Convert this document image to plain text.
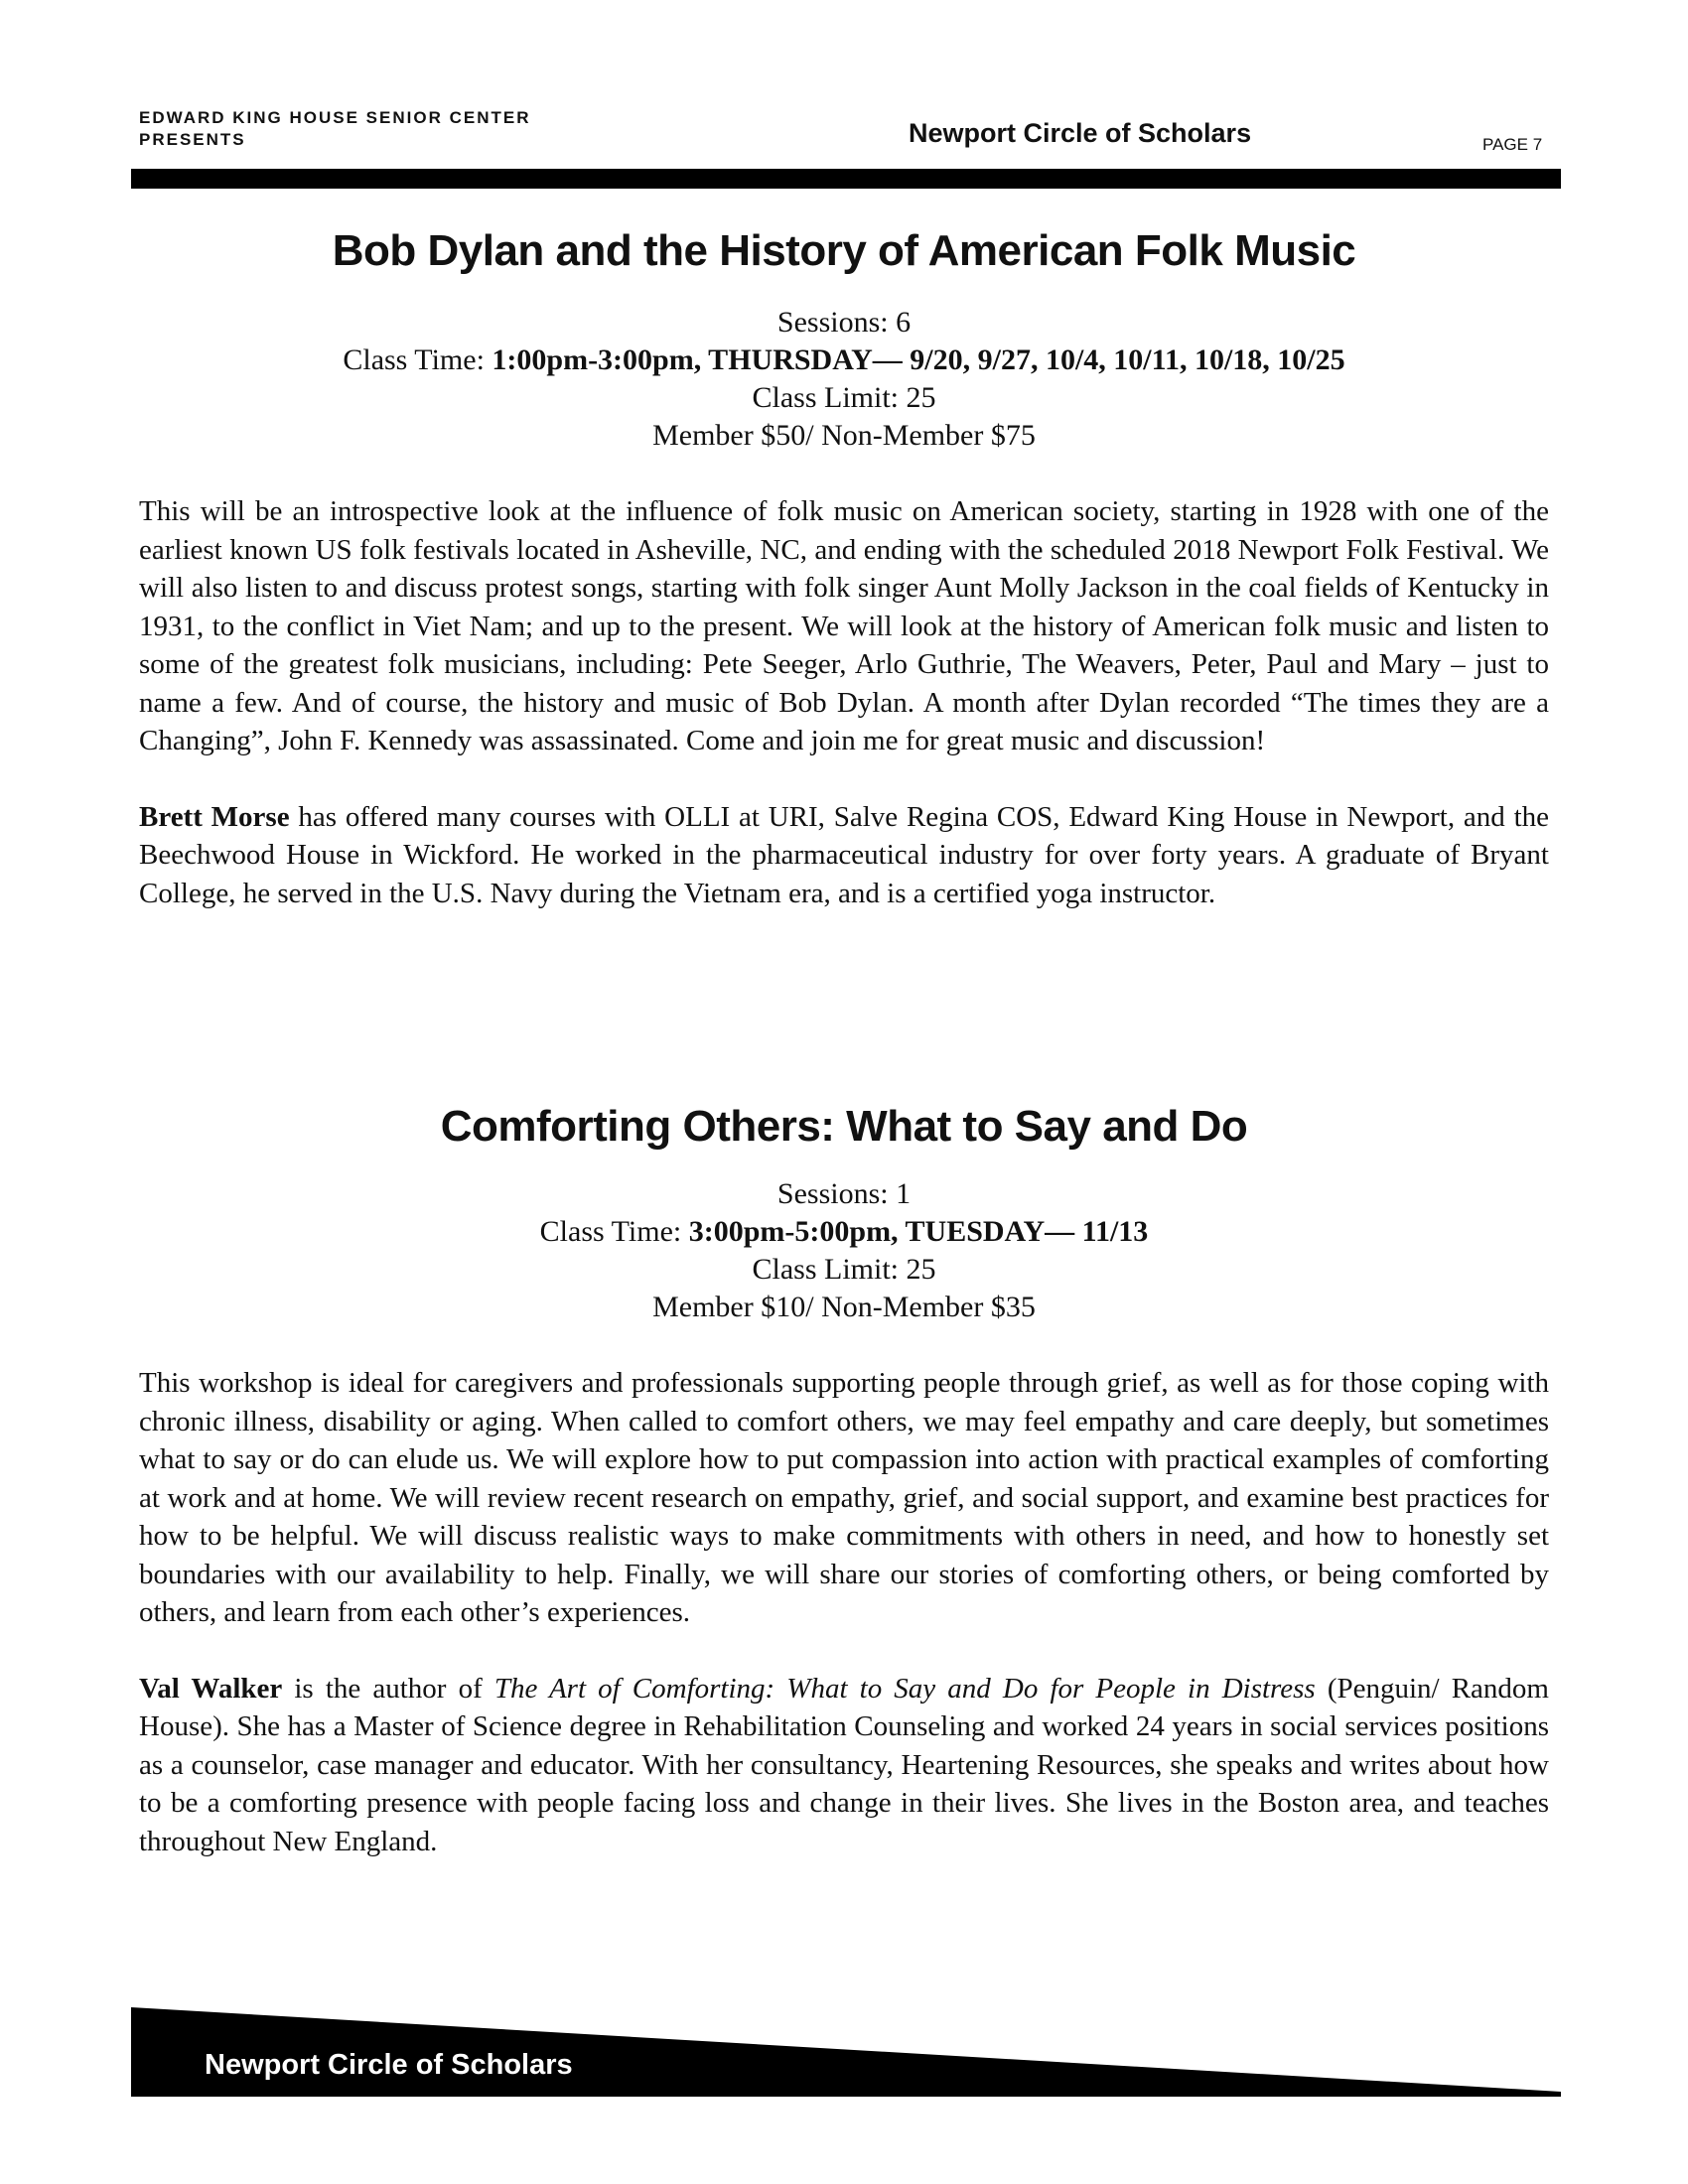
EDWARD KING HOUSE SENIOR CENTER
PRESENTS	Newport Circle of Scholars	PAGE 7
Bob Dylan and the History of American Folk Music
Sessions: 6
Class Time: 1:00pm-3:00pm, THURSDAY— 9/20, 9/27, 10/4, 10/11, 10/18, 10/25
Class Limit: 25
Member $50/ Non-Member $75

This will be an introspective look at the influence of folk music on American society, starting in 1928 with one of the earliest known US folk festivals located in Asheville, NC, and ending with the scheduled 2018 Newport Folk Festival. We will also listen to and discuss protest songs, starting with folk singer Aunt Molly Jackson in the coal fields of Kentucky in 1931, to the conflict in Viet Nam; and up to the present. We will look at the history of American folk music and listen to some of the greatest folk musicians, including: Pete Seeger, Arlo Guthrie, The Weavers, Peter, Paul and Mary – just to name a few. And of course, the history and music of Bob Dylan. A month after Dylan recorded “The times they are a Changing”, John F. Kennedy was assassinated. Come and join me for great music and discussion!

Brett Morse has offered many courses with OLLI at URI, Salve Regina COS, Edward King House in Newport, and the Beechwood House in Wickford. He worked in the pharmaceutical industry for over forty years. A graduate of Bryant College, he served in the U.S. Navy during the Vietnam era, and is a certified yoga instructor.

Comforting Others: What to Say and Do
Sessions: 1
Class Time: 3:00pm-5:00pm, TUESDAY— 11/13
Class Limit: 25
Member $10/ Non-Member $35

This workshop is ideal for caregivers and professionals supporting people through grief, as well as for those coping with chronic illness, disability or aging. When called to comfort others, we may feel empathy and care deeply, but sometimes what to say or do can elude us. We will explore how to put compassion into action with practical examples of comforting at work and at home. We will review recent research on empathy, grief, and social support, and examine best practices for how to be helpful. We will discuss realistic ways to make commitments with others in need, and how to honestly set boundaries with our availability to help. Finally, we will share our stories of comforting others, or being comforted by others, and learn from each other’s experiences.

Val Walker is the author of The Art of Comforting: What to Say and Do for People in Distress (Penguin/ Random House). She has a Master of Science degree in Rehabilitation Counseling and worked 24 years in social services positions as a counselor, case manager and educator. With her consultancy, Heartening Resources, she speaks and writes about how to be a comforting presence with people facing loss and change in their lives. She lives in the Boston area, and teaches throughout New England.

Newport Circle of Scholars
